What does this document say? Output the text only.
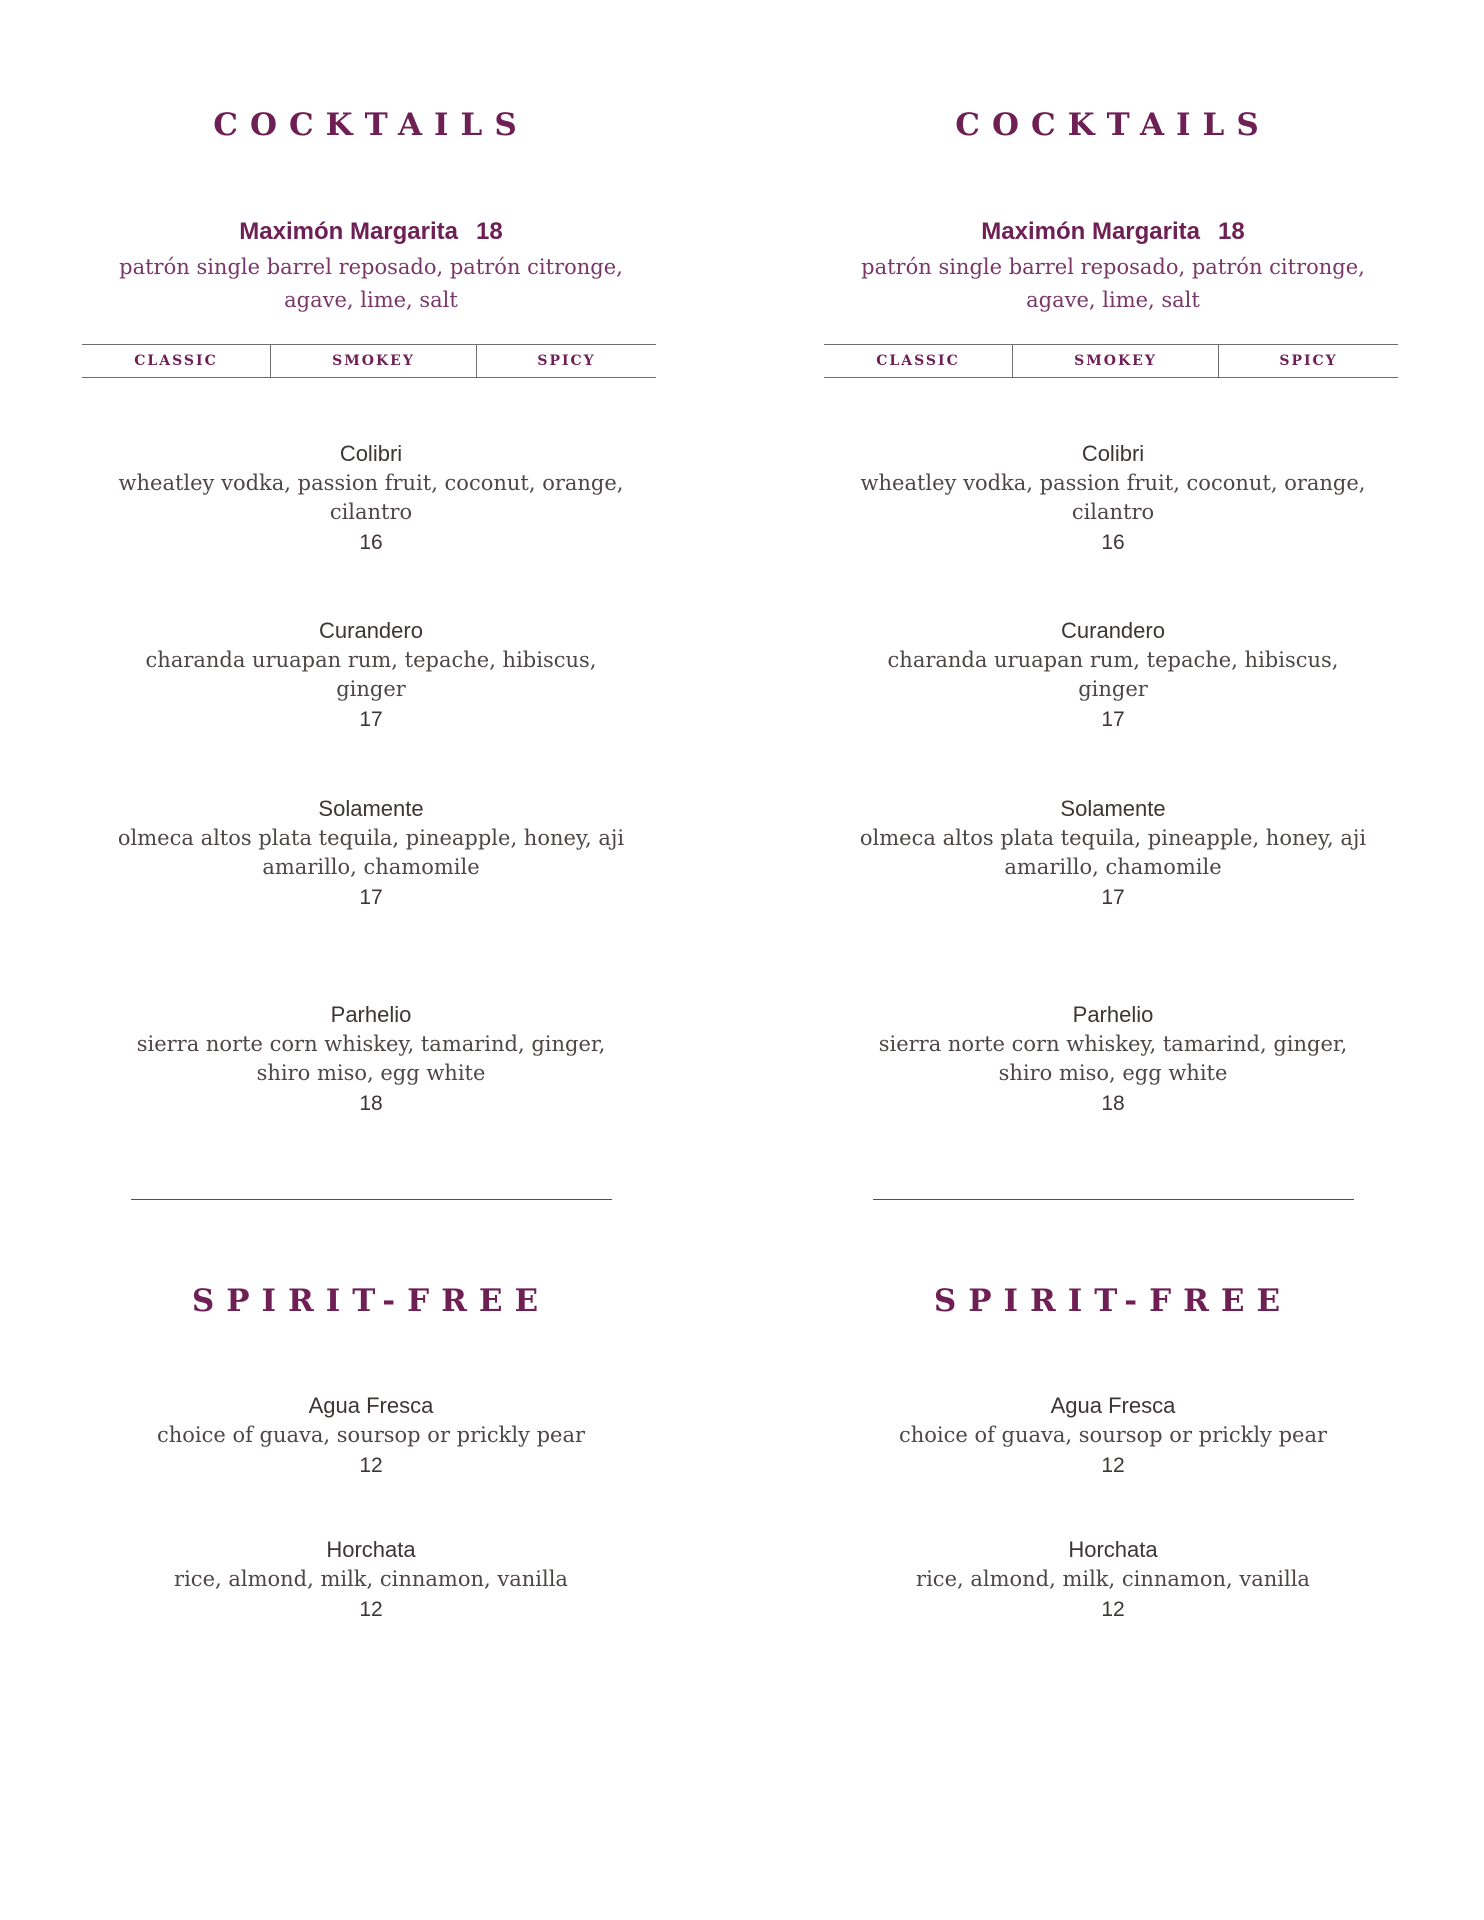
COCKTAILS
Maximón Margarita 18
patrón single barrel reposado, patrón citronge, agave, lime, salt
CLASSIC	SMOKEY	SPICY
Colibri
wheatley vodka, passion fruit, coconut, orange, cilantro
16
Curandero
charanda uruapan rum, tepache, hibiscus, ginger
17
Solamente
olmeca altos plata tequila, pineapple, honey, aji amarillo, chamomile
17
Parhelio
sierra norte corn whiskey, tamarind, ginger, shiro miso, egg white
18
SPIRIT-FREE
Agua Fresca
choice of guava, soursop or prickly pear
12
Horchata
rice, almond, milk, cinnamon, vanilla
12
COCKTAILS
Maximón Margarita 18
patrón single barrel reposado, patrón citronge, agave, lime, salt
CLASSIC	SMOKEY	SPICY
Colibri
wheatley vodka, passion fruit, coconut, orange, cilantro
16
Curandero
charanda uruapan rum, tepache, hibiscus, ginger
17
Solamente
olmeca altos plata tequila, pineapple, honey, aji amarillo, chamomile
17
Parhelio
sierra norte corn whiskey, tamarind, ginger, shiro miso, egg white
18
SPIRIT-FREE
Agua Fresca
choice of guava, soursop or prickly pear
12
Horchata
rice, almond, milk, cinnamon, vanilla
12
